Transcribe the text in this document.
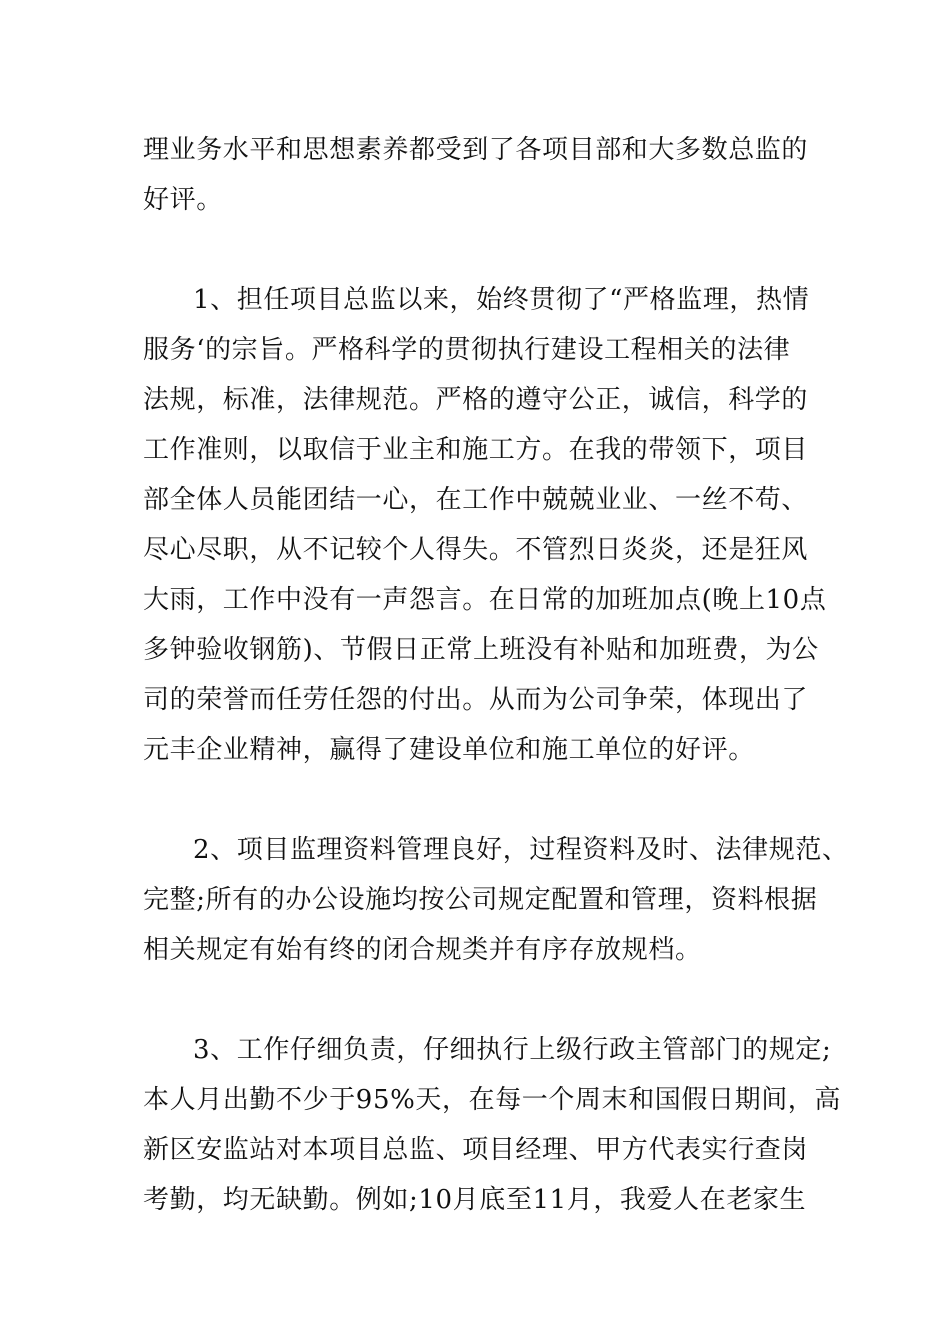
理业务水平和思想素养都受到了各项目部和大多数总监的
好评。
1、担任项目总监以来，始终贯彻了“严格监理，热情
服务‘的宗旨。严格科学的贯彻执行建设工程相关的法律
法规，标准，法律规范。严格的遵守公正，诚信，科学的
工作准则，以取信于业主和施工方。在我的带领下，项目
部全体人员能团结一心，在工作中兢兢业业、一丝不苟、
尽心尽职，从不记较个人得失。不管烈日炎炎，还是狂风
大雨，工作中没有一声怨言。在日常的加班加点(晚上10点
多钟验收钢筋)、节假日正常上班没有补贴和加班费，为公
司的荣誉而任劳任怨的付出。从而为公司争荣，体现出了
元丰企业精神，赢得了建设单位和施工单位的好评。
2、项目监理资料管理良好，过程资料及时、法律规范、
完整;所有的办公设施均按公司规定配置和管理，资料根据
相关规定有始有终的闭合规类并有序存放规档。
3、工作仔细负责，仔细执行上级行政主管部门的规定;
本人月出勤不少于95%天，在每一个周末和国假日期间，高
新区安监站对本项目总监、项目经理、甲方代表实行查岗
考勤，均无缺勤。例如;10月底至11月，我爱人在老家生
